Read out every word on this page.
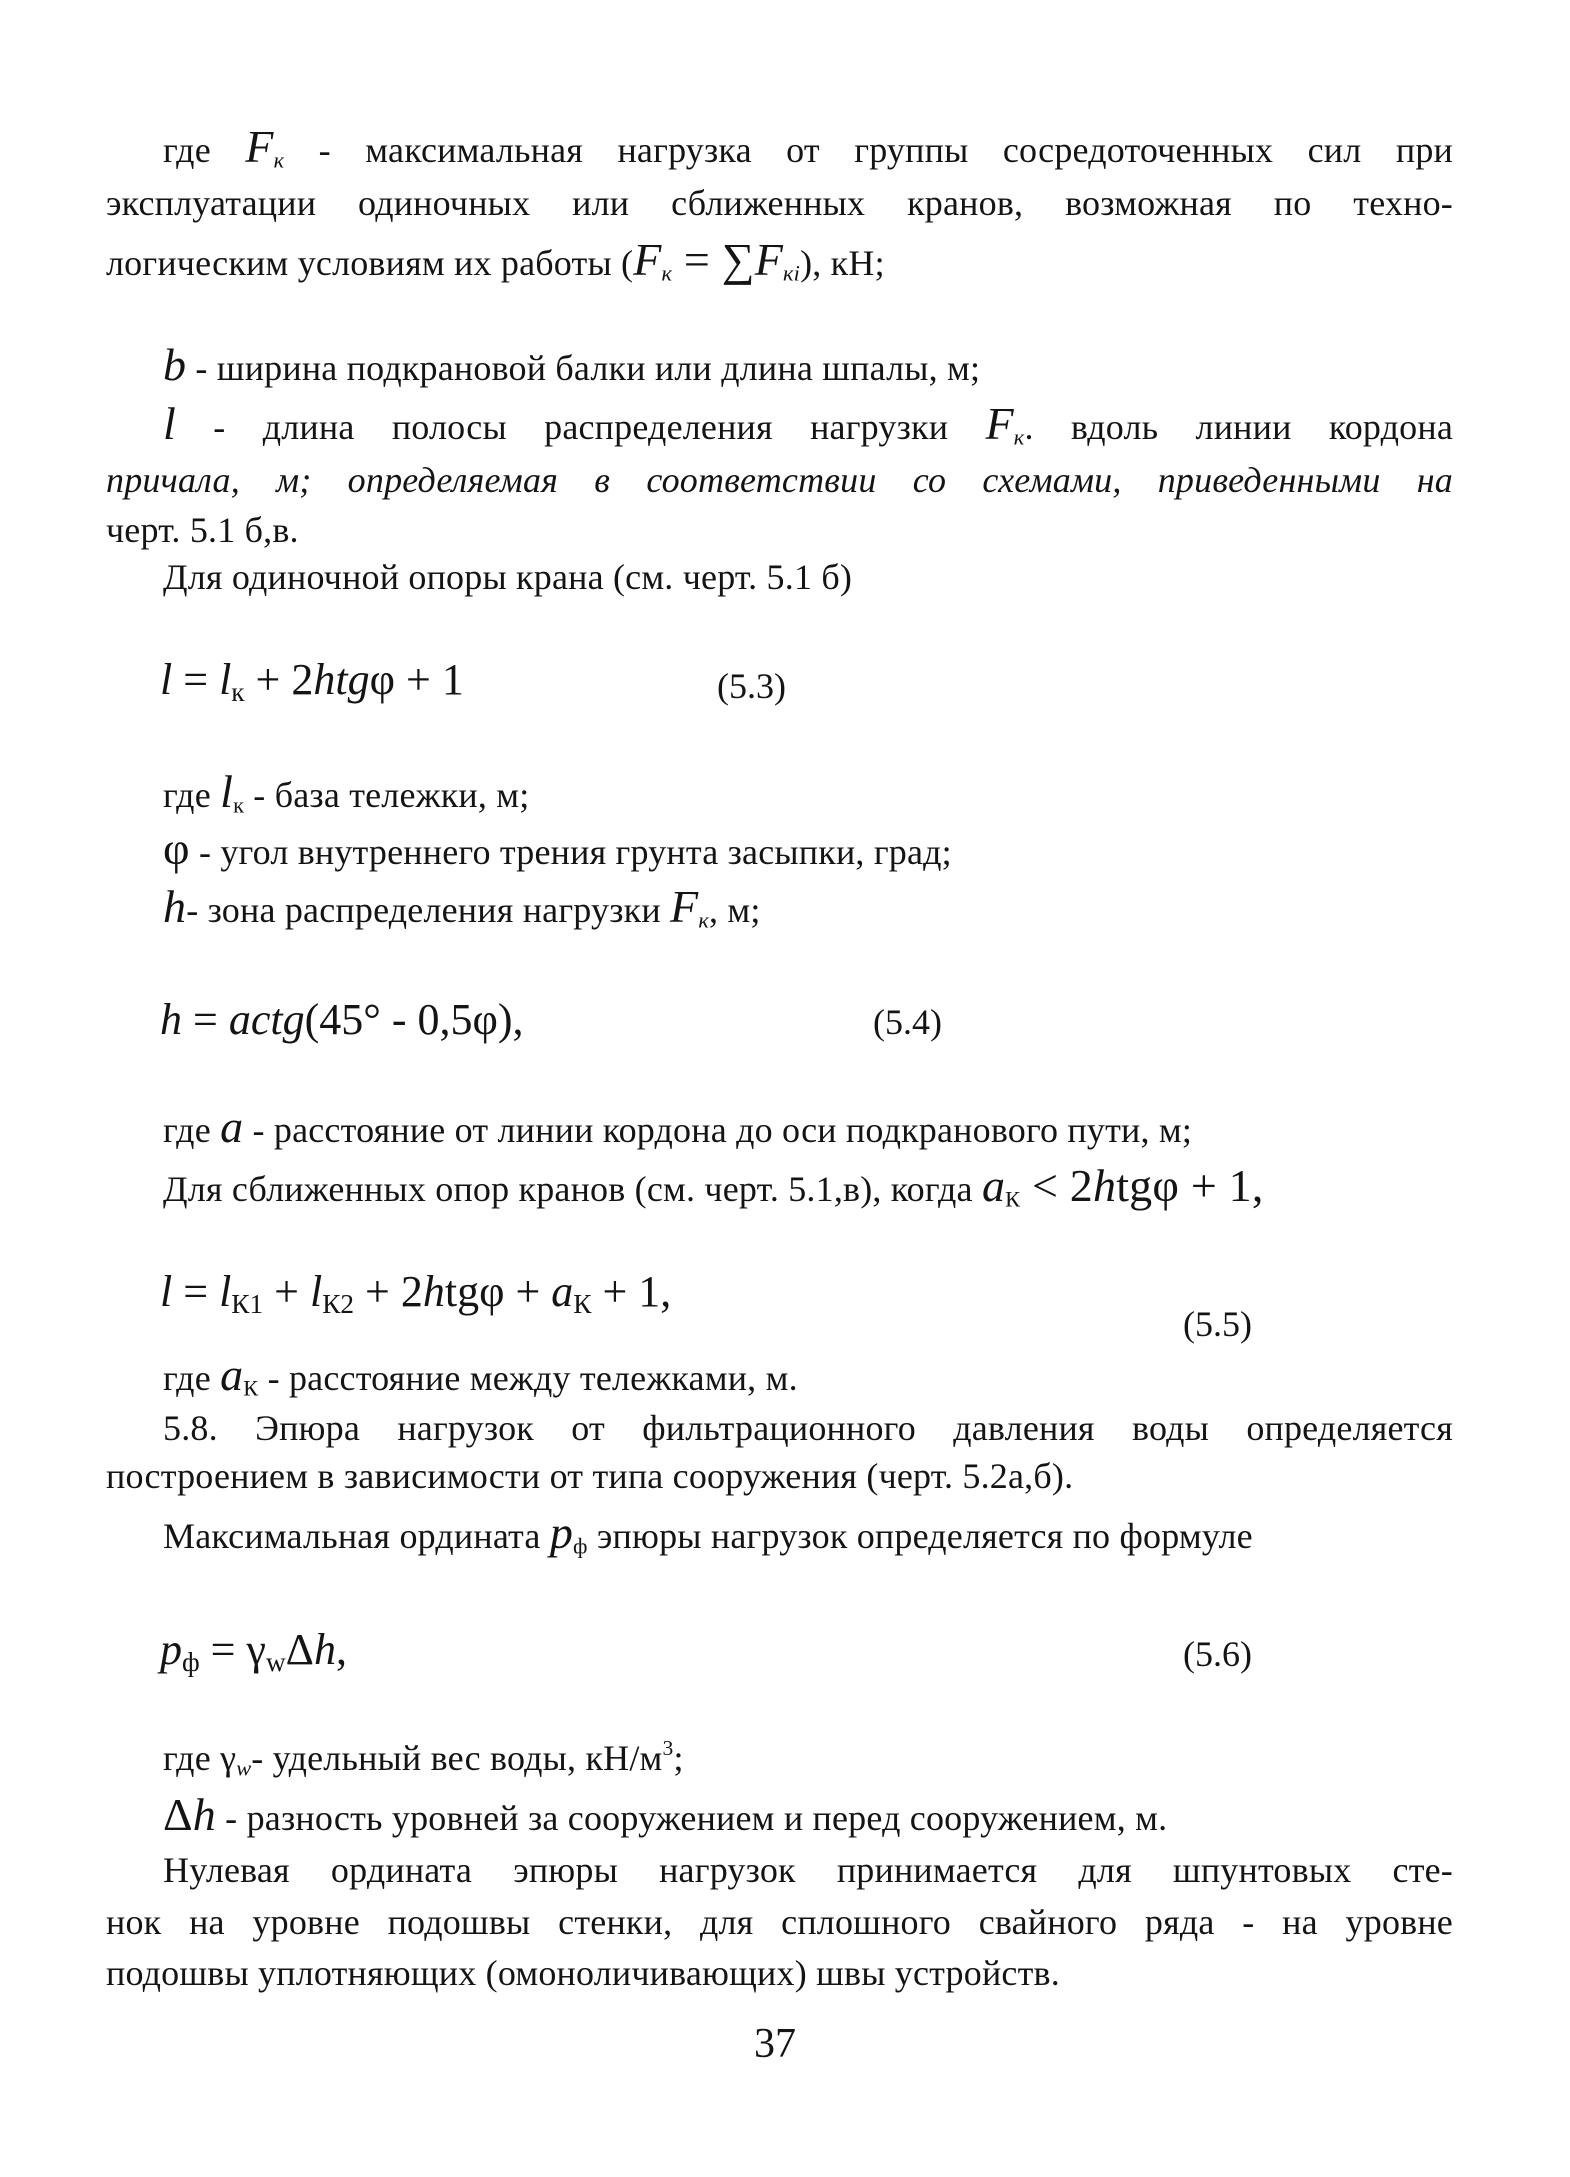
где $F_к$ - максимальная нагрузка от группы сосредоточенных сил при
эксплуатации одиночных или сближенных кранов, возможная по техно-
логическим условиям их работы $(F_к = \sum F_{кi})$, кН;
b - ширина подкрановой балки или длина шпалы, м;
l - длина полосы распределения нагрузки $F_к$. вдоль линии кордона
причала, м; определяемая в соответствии со схемами, приведенными на
черт. 5.1 б,в.
Для одиночной опоры крана (см. черт. 5.1 б)
$l = l_к + 2htg\varphi + 1$	(5.3)
где $l_к$ - база тележки, м;
φ - угол внутреннего трения грунта засыпки, град;
h- зона распределения нагрузки $F_к$, м;
h = actg(45° - 0,5φ),	(5.4)
где a - расстояние от линии кордона до оси подкранового пути, м;
Для сближенных опор кранов (см. черт. 5.1,в), когда $a_К < 2htg\varphi + 1$,
$l = l_{К1} + l_{К2} + 2htg\varphi + a_К + 1$,
(5.5)
где $a_К$ - расстояние между тележками, м.
5.8. Эпюра нагрузок от фильтрационного давления воды определяется
построением в зависимости от типа сооружения (черт. 5.2а,б).
Максимальная ордината $p_ф$ эпюры нагрузок определяется по формуле
$p_ф = \gamma_w\Delta h$,	(5.6)
где $\gamma_w-$ удельный вес воды, $кН/м^3$;
Δh - разность уровней за сооружением и перед сооружением, м.
Нулевая ордината эпюры нагрузок принимается для шпунтовых сте-
нок на уровне подошвы стенки, для сплошного свайного ряда - на уровне
подошвы уплотняющих (омоноличивающих) швы устройств.
37
